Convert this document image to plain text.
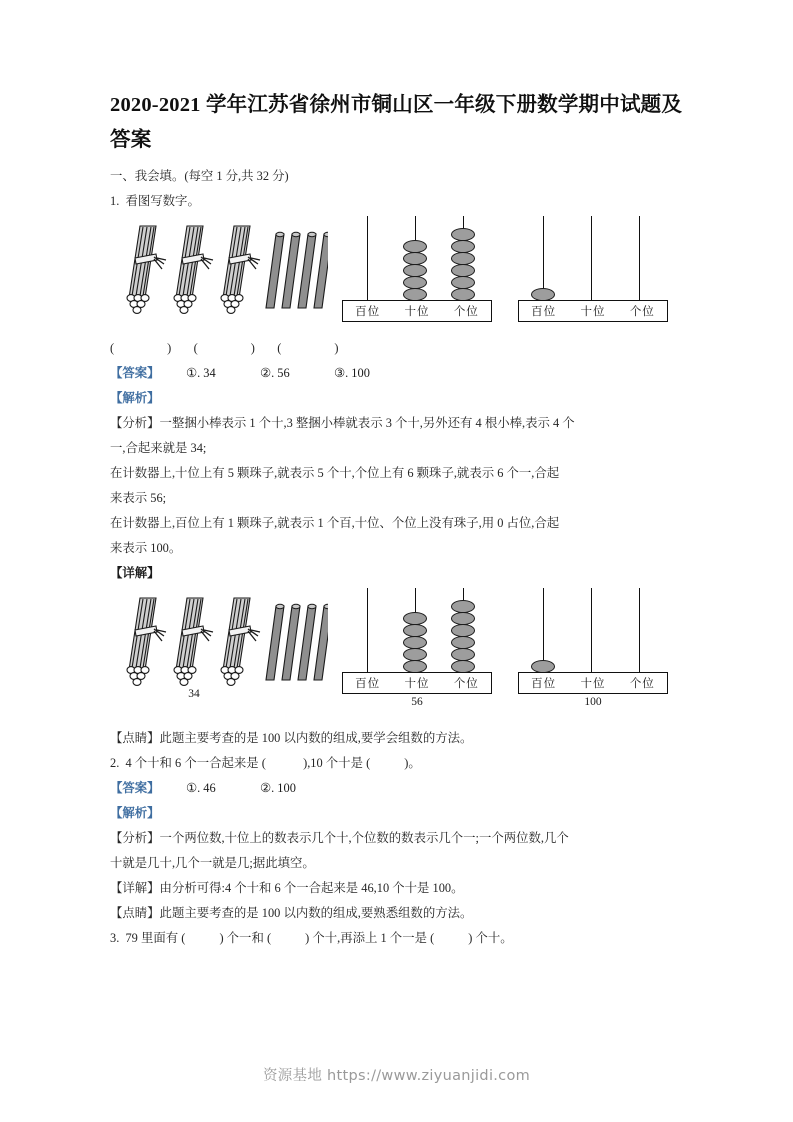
2020-2021 学年江苏省徐州市铜山区一年级下册数学期中试题及答案

一、我会填。(每空 1 分,共 32 分)

1.  看图写数字。

百位 十位 个位	百位 十位 个位

(          )    (          )    (          )

【答案】	①. 34	②. 56	③. 100

【解析】

【分析】一整捆小棒表示 1 个十,3 整捆小棒就表示 3 个十,另外还有 4 根小棒,表示 4 个

一,合起来就是 34;

在计数器上,十位上有 5 颗珠子,就表示 5 个十,个位上有 6 颗珠子,就表示 6 个一,合起

来表示 56;

在计数器上,百位上有 1 颗珠子,就表示 1 个百,十位、个位上没有珠子,用 0 占位,合起

来表示 100。

【详解】

34
百位 十位 个位
56
百位 十位 个位
100

【点睛】此题主要考查的是 100 以内数的组成,要学会组数的方法。

2.  4 个十和 6 个一合起来是 (            ),10 个十是 (           )。

【答案】	①. 46	②. 100

【解析】

【分析】一个两位数,十位上的数表示几个十,个位数的数表示几个一;一个两位数,几个

十就是几十,几个一就是几;据此填空。

【详解】由分析可得:4 个十和 6 个一合起来是 46,10 个十是 100。

【点睛】此题主要考查的是 100 以内数的组成,要熟悉组数的方法。

3.  79 里面有 (           ) 个一和 (           ) 个十,再添上 1 个一是 (           ) 个十。

资源基地 https://www.ziyuanjidi.com
